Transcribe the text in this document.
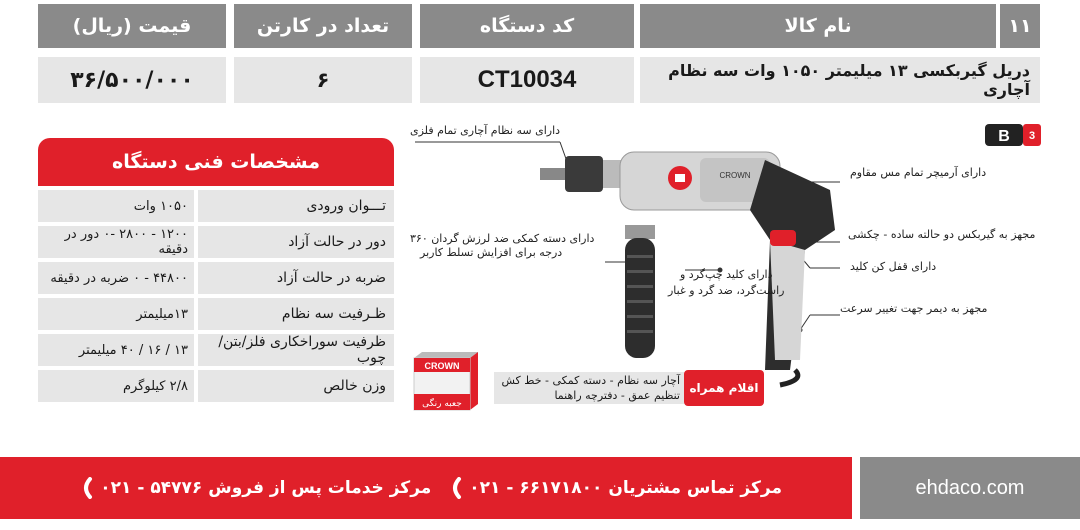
۱۱
نام کالا
کد دستگاه
تعداد در کارتن
قیمت (ریال)
دریل گیربکسی ۱۳ میلیمتر ۱۰۵۰ وات سه نظام آچاری
CT10034
۶
۳۶/۵۰۰/۰۰۰
مشخصات فنی دستگاه
تـــوان ورودی
۱۰۵۰ وات
دور در حالت آزاد
۱۲۰۰ - ۲۸۰۰ -۰ دور در دقیقه
ضربه در حالت آزاد
۴۴۸۰۰ - ۰ ضربه در دقیقه
ظـرفیت سه نظام
۱۳میلیمتر
ظرفیت سوراخکاری فلز/بتن/چوب
۱۳ / ۱۶ / ۴۰ میلیمتر
وزن خالص
۲/۸ کیلوگرم
B 3
CROWN
دارای سه نظام آچاری تمام فلزی
دارای آرمیچر تمام مس مقاوم
مجهز به گیربکس دو حالته ساده - چکشی
دارای قفل کن کلید
مجهز به دیمر جهت تغییر سرعت
دارای دسته کمکی ضد لرزش گردان ۳۶۰
درجه برای افزایش تسلط کاربر
دارای کلید چپ‌گرد و
راست‌گرد، ضد گرد و غبار
CROWN
جعبه رنگی
آچار سه نظام - دسته کمکی - خط کش
تنظیم عمق - دفترچه راهنما
اقلام همراه
مرکز خدمات پس از فروش
۵۴۷۷۶ - ۰۲۱	مرکز تماس مشتریان
۶۶۱۷۱۸۰۰ - ۰۲۱	ehdaco.com
